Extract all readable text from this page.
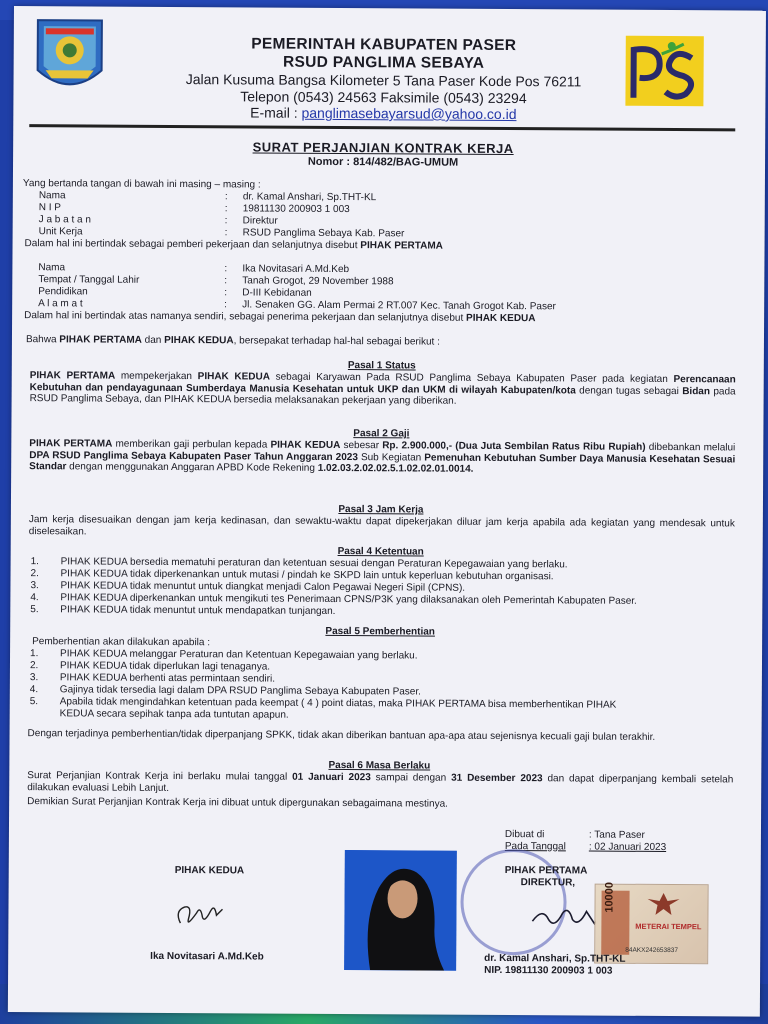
PEMERINTAH KABUPATEN PASER
RSUD PANGLIMA SEBAYA
Jalan Kusuma Bangsa Kilometer 5 Tana Paser Kode Pos 76211
Telepon (0543) 24563 Faksimile (0543) 23294
E-mail : panglimasebayarsud@yahoo.co.id
SURAT PERJANJIAN KONTRAK KERJA
Nomor : 814/482/BAG-UMUM
Yang bertanda tangan di bawah ini masing – masing :
Nama
N I P
J a b a t a n
Unit Kerja
:
:
:
:
dr. Kamal Anshari, Sp.THT-KL
19811130 200903 1 003
Direktur
RSUD Panglima Sebaya Kab. Paser
Dalam hal ini bertindak sebagai pemberi pekerjaan dan selanjutnya disebut PIHAK PERTAMA
Nama
Tempat / Tanggal Lahir
Pendidikan
A l a m a t
:
:
:
:
Ika Novitasari A.Md.Keb
Tanah Grogot, 29 November 1988
D-III Kebidanan
Jl. Senaken GG. Alam Permai 2 RT.007 Kec. Tanah Grogot Kab. Paser
Dalam hal ini bertindak atas namanya sendiri, sebagai penerima pekerjaan dan selanjutnya disebut PIHAK KEDUA
Bahwa PIHAK PERTAMA dan PIHAK KEDUA, bersepakat terhadap hal-hal sebagai berikut :
Pasal 1 Status
PIHAK PERTAMA mempekerjakan PIHAK KEDUA sebagai Karyawan Pada RSUD Panglima Sebaya Kabupaten Paser pada kegiatan Perencanaan Kebutuhan dan pendayagunaan Sumberdaya Manusia Kesehatan untuk UKP dan UKM di wilayah Kabupaten/kota dengan tugas sebagai Bidan pada RSUD Panglima Sebaya, dan PIHAK KEDUA bersedia melaksanakan pekerjaan yang diberikan.
Pasal 2 Gaji
PIHAK PERTAMA memberikan gaji perbulan kepada PIHAK KEDUA sebesar Rp. 2.900.000,- (Dua Juta Sembilan Ratus Ribu Rupiah) dibebankan melalui DPA RSUD Panglima Sebaya Kabupaten Paser Tahun Anggaran 2023 Sub Kegiatan Pemenuhan Kebutuhan Sumber Daya Manusia Kesehatan Sesuai Standar dengan menggunakan Anggaran APBD Kode Rekening 1.02.03.2.02.02.5.1.02.02.01.0014.
Pasal 3 Jam Kerja
Jam kerja disesuaikan dengan jam kerja kedinasan, dan sewaktu-waktu dapat dipekerjakan diluar jam kerja apabila ada kegiatan yang mendesak untuk diselesaikan.
Pasal 4 Ketentuan
1. PIHAK KEDUA bersedia mematuhi peraturan dan ketentuan sesuai dengan Peraturan Kepegawaian yang berlaku.
2. PIHAK KEDUA tidak diperkenankan untuk mutasi / pindah ke SKPD lain untuk keperluan kebutuhan organisasi.
3. PIHAK KEDUA tidak menuntut untuk diangkat menjadi Calon Pegawai Negeri Sipil (CPNS).
4. PIHAK KEDUA diperkenankan untuk mengikuti tes Penerimaan CPNS/P3K yang dilaksanakan oleh Pemerintah Kabupaten Paser.
5. PIHAK KEDUA tidak menuntut untuk mendapatkan tunjangan.
Pasal 5 Pemberhentian
Pemberhentian akan dilakukan apabila :
1. PIHAK KEDUA melanggar Peraturan dan Ketentuan Kepegawaian yang berlaku.
2. PIHAK KEDUA tidak diperlukan lagi tenaganya.
3. PIHAK KEDUA berhenti atas permintaan sendiri.
4. Gajinya tidak tersedia lagi dalam DPA RSUD Panglima Sebaya Kabupaten Paser.
5. Apabila tidak mengindahkan ketentuan pada keempat ( 4 ) point diatas, maka PIHAK PERTAMA bisa memberhentikan PIHAK
KEDUA secara sepihak tanpa ada tuntutan apapun.
Dengan terjadinya pemberhentian/tidak diperpanjang SPKK, tidak akan diberikan bantuan apa-apa atau sejenisnya kecuali gaji bulan terakhir.
Pasal 6 Masa Berlaku
Surat Perjanjian Kontrak Kerja ini berlaku mulai tanggal 01 Januari 2023 sampai dengan 31 Desember 2023 dan dapat diperpanjang kembali setelah dilakukan evaluasi Lebih Lanjut.
Demikian Surat Perjanjian Kontrak Kerja ini dibuat untuk dipergunakan sebagaimana mestinya.
Dibuat di	: Tana Paser
Pada Tanggal : 02 Januari 2023
PIHAK KEDUA
Ika Novitasari A.Md.Keb
PIHAK PERTAMA
DIREKTUR,	10000
METERAI TEMPEL
84AKX242653837
dr. Kamal Anshari, Sp.THT-KL
NIP. 19811130 200903 1 003
